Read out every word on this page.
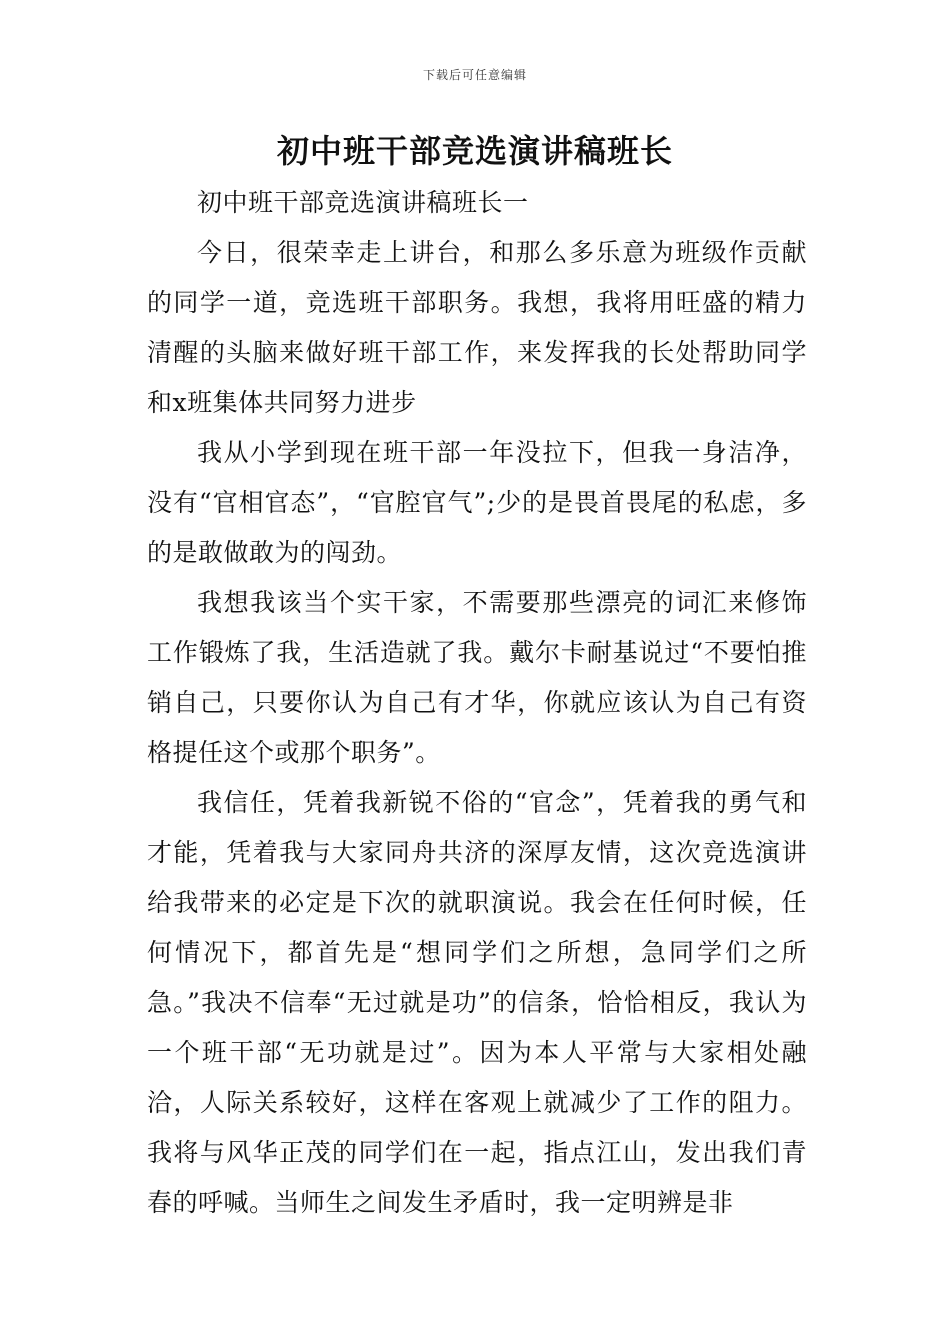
下载后可任意编辑
初中班干部竞选演讲稿班长

初中班干部竞选演讲稿班长一

今日，很荣幸走上讲台，和那么多乐意为班级作贡献的同学一道，竞选班干部职务。我想，我将用旺盛的精力清醒的头脑来做好班干部工作，来发挥我的长处帮助同学和x班集体共同努力进步

我从小学到现在班干部一年没拉下，但我一身洁净，没有“官相官态”，“官腔官气”;少的是畏首畏尾的私虑，多的是敢做敢为的闯劲。

我想我该当个实干家，不需要那些漂亮的词汇来修饰工作锻炼了我，生活造就了我。戴尔卡耐基说过“不要怕推销自己，只要你认为自己有才华，你就应该认为自己有资格提任这个或那个职务”。

我信任，凭着我新锐不俗的“官念”，凭着我的勇气和才能，凭着我与大家同舟共济的深厚友情，这次竞选演讲给我带来的必定是下次的就职演说。我会在任何时候，任何情况下，都首先是“想同学们之所想，急同学们之所急。”我决不信奉“无过就是功”的信条，恰恰相反，我认为一个班干部“无功就是过”。因为本人平常与大家相处融洽，人际关系较好，这样在客观上就减少了工作的阻力。我将与风华正茂的同学们在一起，指点江山，发出我们青春的呼喊。当师生之间发生矛盾时，我一定明辨是非
